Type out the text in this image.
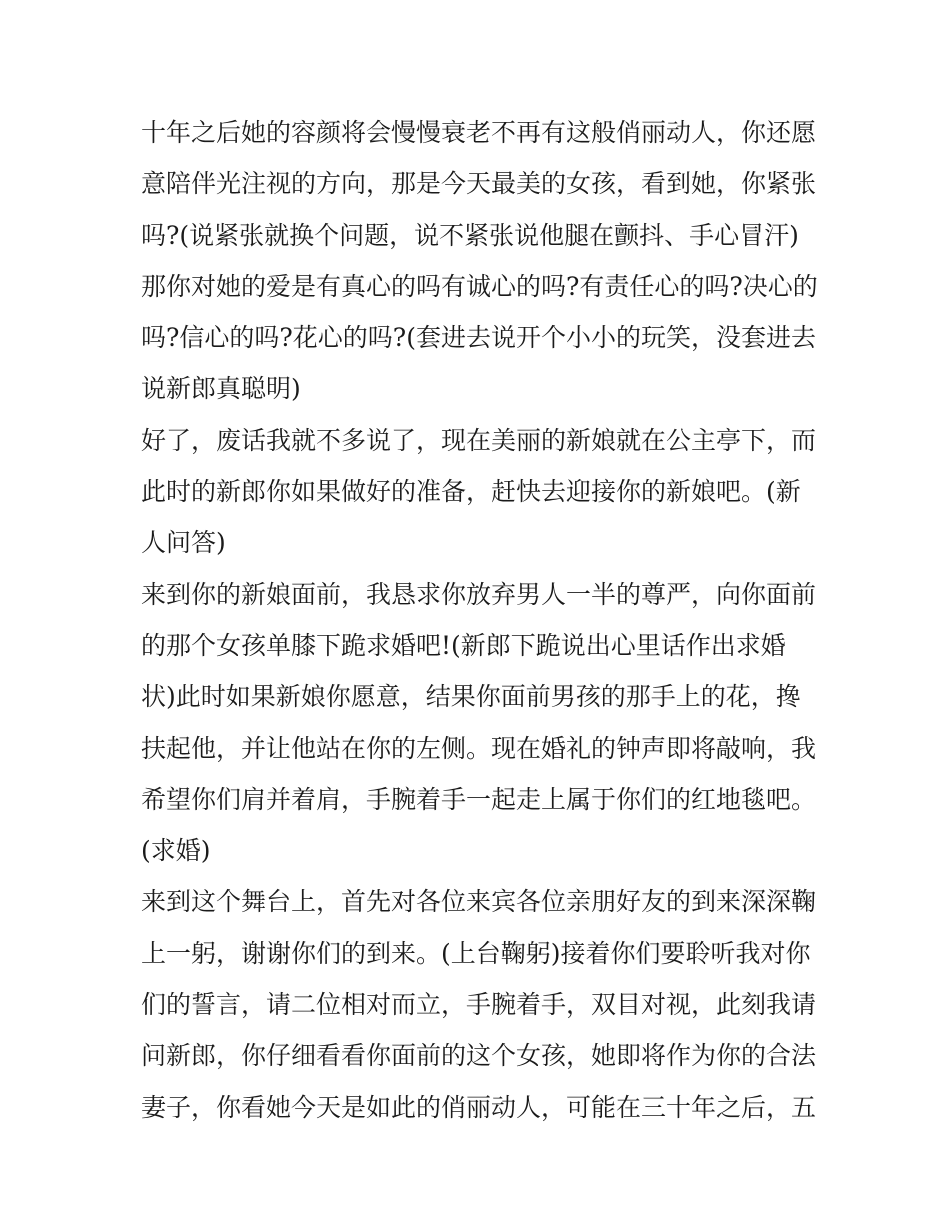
十年之后她的容颜将会慢慢衰老不再有这般俏丽动人，你还愿
意陪伴光注视的方向，那是今天最美的女孩，看到她，你紧张
吗?(说紧张就换个问题，说不紧张说他腿在颤抖、手心冒汗)
那你对她的爱是有真心的吗有诚心的吗?有责任心的吗?决心的
吗?信心的吗?花心的吗?(套进去说开个小小的玩笑，没套进去
说新郎真聪明)
好了，废话我就不多说了，现在美丽的新娘就在公主亭下，而
此时的新郎你如果做好的准备，赶快去迎接你的新娘吧。(新
人问答)
来到你的新娘面前，我恳求你放弃男人一半的尊严，向你面前
的那个女孩单膝下跪求婚吧!(新郎下跪说出心里话作出求婚
状)此时如果新娘你愿意，结果你面前男孩的那手上的花，搀
扶起他，并让他站在你的左侧。现在婚礼的钟声即将敲响，我
希望你们肩并着肩，手腕着手一起走上属于你们的红地毯吧。
(求婚)
来到这个舞台上，首先对各位来宾各位亲朋好友的到来深深鞠
上一躬，谢谢你们的到来。(上台鞠躬)接着你们要聆听我对你
们的誓言，请二位相对而立，手腕着手，双目对视，此刻我请
问新郎，你仔细看看你面前的这个女孩，她即将作为你的合法
妻子，你看她今天是如此的俏丽动人，可能在三十年之后，五
